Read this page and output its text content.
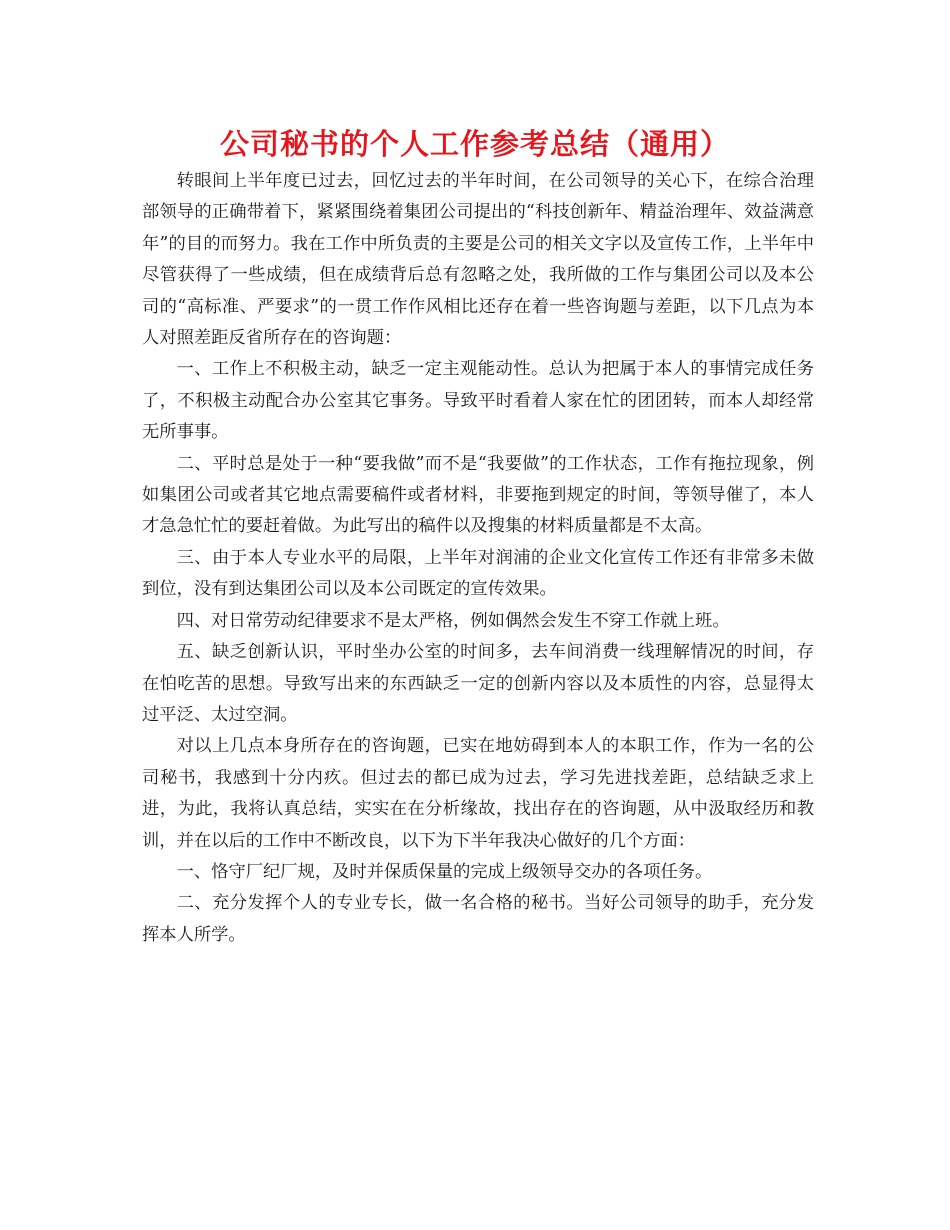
公司秘书的个人工作参考总结（通用）

转眼间上半年度已过去，回忆过去的半年时间，在公司领导的关心下，在综合治理部领导的正确带着下，紧紧围绕着集团公司提出的“科技创新年、精益治理年、效益满意年”的目的而努力。我在工作中所负责的主要是公司的相关文字以及宣传工作，上半年中尽管获得了一些成绩，但在成绩背后总有忽略之处，我所做的工作与集团公司以及本公司的“高标准、严要求”的一贯工作作风相比还存在着一些咨询题与差距，以下几点为本人对照差距反省所存在的咨询题：

一、工作上不积极主动，缺乏一定主观能动性。总认为把属于本人的事情完成任务了，不积极主动配合办公室其它事务。导致平时看着人家在忙的团团转，而本人却经常无所事事。

二、平时总是处于一种“要我做”而不是“我要做”的工作状态，工作有拖拉现象，例如集团公司或者其它地点需要稿件或者材料，非要拖到规定的时间，等领导催了，本人才急急忙忙的要赶着做。为此写出的稿件以及搜集的材料质量都是不太高。

三、由于本人专业水平的局限，上半年对润浦的企业文化宣传工作还有非常多未做到位，没有到达集团公司以及本公司既定的宣传效果。

四、对日常劳动纪律要求不是太严格，例如偶然会发生不穿工作就上班。

五、缺乏创新认识，平时坐办公室的时间多，去车间消费一线理解情况的时间，存在怕吃苦的思想。导致写出来的东西缺乏一定的创新内容以及本质性的内容，总显得太过平泛、太过空洞。

对以上几点本身所存在的咨询题，已实在地妨碍到本人的本职工作，作为一名的公司秘书，我感到十分内疚。但过去的都已成为过去，学习先进找差距，总结缺乏求上进，为此，我将认真总结，实实在在分析缘故，找出存在的咨询题，从中汲取经历和教训，并在以后的工作中不断改良，以下为下半年我决心做好的几个方面：

一、恪守厂纪厂规，及时并保质保量的完成上级领导交办的各项任务。

二、充分发挥个人的专业专长，做一名合格的秘书。当好公司领导的助手，充分发挥本人所学。
